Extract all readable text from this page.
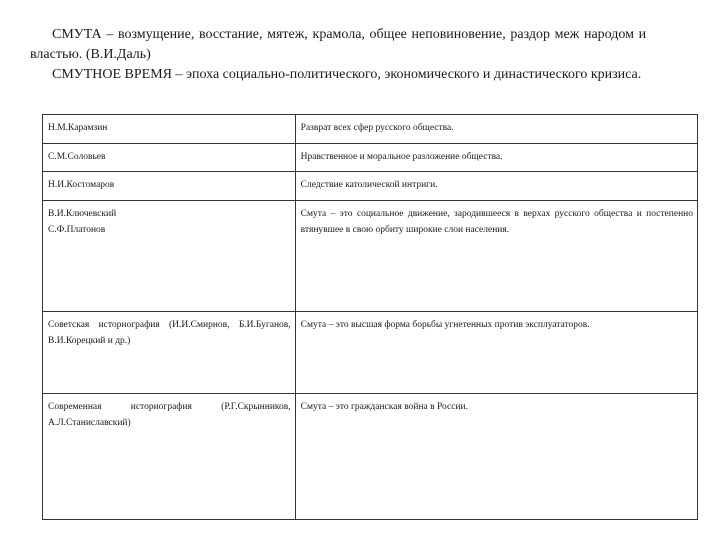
СМУТА – возмущение, восстание, мятеж, крамола, общее неповиновение, раздор меж народом и         властью. (В.И.Даль)

СМУТНОЕ ВРЕМЯ – эпоха социально-политического, экономического и династического кризиса.

Н.М.Карамзин	Разврат всех сфер русского общества.

С.М.Соловьев	Нравственное и моральное разложение общества.

Н.И.Костомаров	Следствие католической интриги.

В.И.Ключевский
С.Ф.Платонов	Смута – это социальное движение, зародившееся в верхах русского общества и постепенно втянувшее в свою орбиту широкие слои населения.

Советская историография (И.И.Смирнов, Б.И.Буганов, В.И.Корецкий и др.)	Смута – это высшая форма борьбы угнетенных против эксплуататоров.

Современная историография (Р.Г.Скрынников, А.Л.Станиславский)	Смута – это гражданская война в России.
